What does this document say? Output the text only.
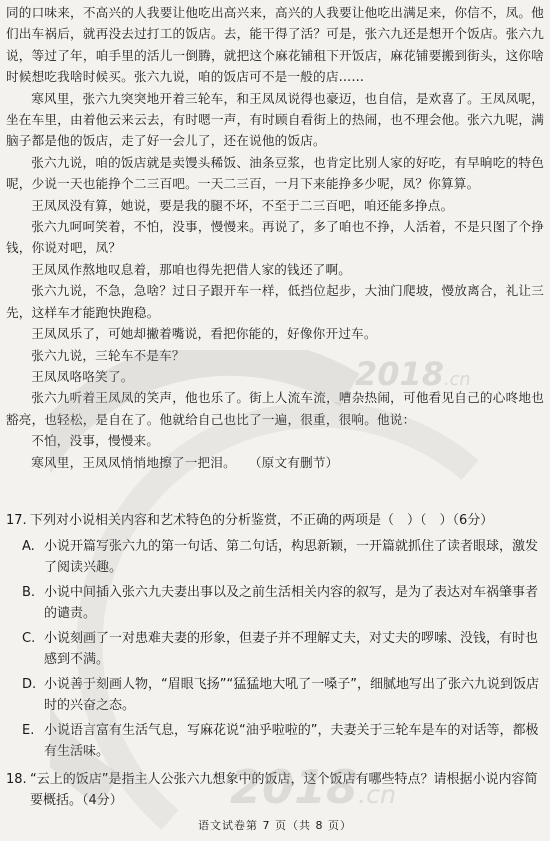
同的口味来，不高兴的人我要让他吃出高兴来，高兴的人我要让他吃出满足来，你信不，凤。他们出车祸后，就再没去过打工的饭店。去，能干得了活？可是，张六九还是想开个饭店。张六九说，等过了年，咱手里的活儿一倒腾，就把这个麻花铺租下开饭店，麻花铺要搬到街头，这你啥时候想吃我啥时候买。张六九说，咱的饭店可不是一般的店……

寒风里，张六九突突地开着三轮车，和王凤凤说得也豪迈，也自信，是欢喜了。王凤凤呢，坐在车里，由着他云来云去，有时嗯一声，有时顾自看街上的热闹，也不理会他。张六九呢，满脑子都是他的饭店，走了好一会儿了，还在说他的饭店。

张六九说，咱的饭店就是卖馒头稀饭、油条豆浆，也肯定比别人家的好吃，有早晌吃的特色呢，少说一天也能挣个二三百吧。一天二三百，一月下来能挣多少呢，凤？你算算。

王凤凤没有算，她说，要是我的腿不坏，不至于二三百吧，咱还能多挣点。

张六九呵呵笑着，不怕，没事，慢慢来。再说了，多了咱也不挣，人活着，不是只图了个挣钱，你说对吧，凤？

王凤凤作熬地叹息着，那咱也得先把借人家的钱还了啊。

张六九说，不急，急啥？过日子跟开车一样，低挡位起步，大油门爬坡，慢放离合，礼让三先，这样车才能跑快跑稳。

王凤凤乐了，可她却撇着嘴说，看把你能的，好像你开过车。

张六九说，三轮车不是车？

王凤凤咯咯笑了。

张六九听着王凤凤的笑声，他也乐了。街上人流车流，嘈杂热闹，可他看见自己的心咚地也豁亮，也轻松，是自在了。他就给自己也比了一遍，很重，很响。他说：

不怕，没事，慢慢来。

寒风里，王凤凤悄悄地擦了一把泪。　　（原文有删节）

17. 下列对小说相关内容和艺术特色的分析鉴赏，不正确的两项是（　）（　）（6分）
A. 小说开篇写张六九的第一句话、第二句话，构思新颖，一开篇就抓住了读者眼球，激发了阅读兴趣。
B. 小说中间插入张六九夫妻出事以及之前生活相关内容的叙写，是为了表达对车祸肇事者的谴责。
C. 小说刻画了一对患难夫妻的形象，但妻子并不理解丈夫，对丈夫的啰嗦、没钱，有时也感到不满。
D. 小说善于刻画人物，“眉眼飞扬”“猛猛地大吼了一嗓子”，细腻地写出了张六九说到饭店时的兴奋之态。
E. 小说语言富有生活气息，写麻花说“油乎啦啦的”，夫妻关于三轮车是车的对话等，都极有生活味。
18. “云上的饭店”是指主人公张六九想象中的饭店，这个饭店有哪些特点？请根据小说内容简要概括。（4分）
语文试卷第 7 页（共 8 页）
2018.cn
2018.cn
